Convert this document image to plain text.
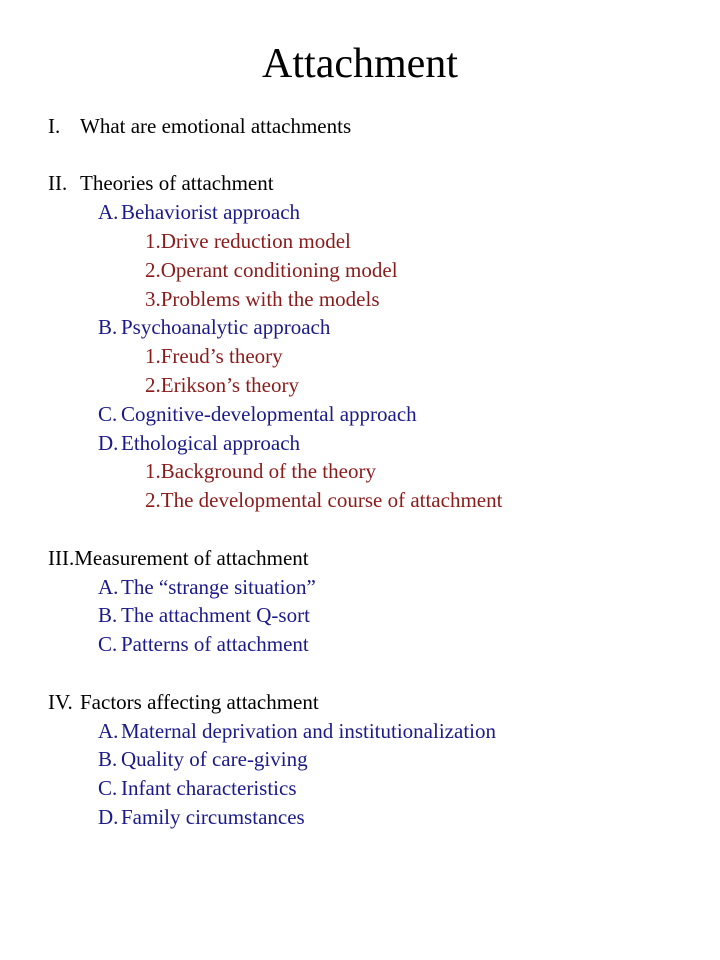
Attachment
I. What are emotional attachments
II. Theories of attachment
A. Behaviorist approach
1. Drive reduction model
2. Operant conditioning model
3. Problems with the models
B. Psychoanalytic approach
1. Freud’s theory
2. Erikson’s theory
C. Cognitive-developmental approach
D. Ethological approach
1. Background of the theory
2. The developmental course of attachment
III. Measurement of attachment
A. The “strange situation”
B. The attachment Q-sort
C. Patterns of attachment
IV. Factors affecting attachment
A. Maternal deprivation and institutionalization
B. Quality of care-giving
C. Infant characteristics
D. Family circumstances
